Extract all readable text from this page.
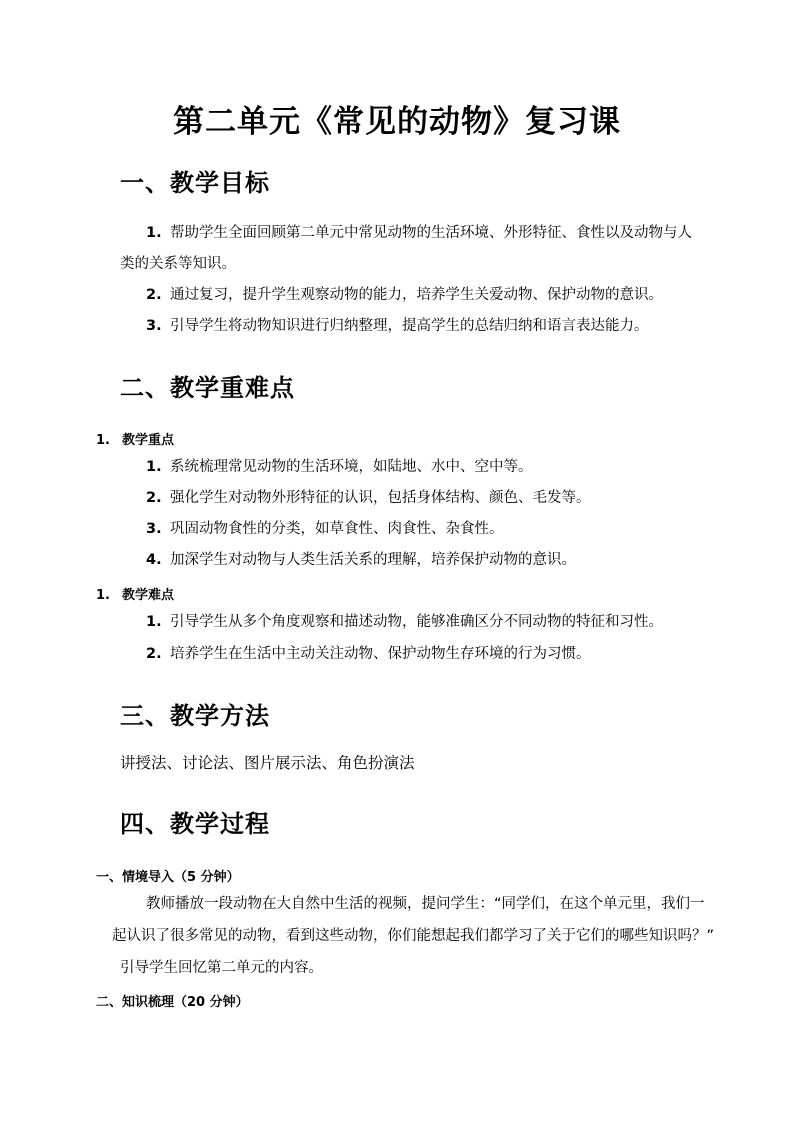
第二单元《常见的动物》复习课
一、教学目标
1. 帮助学生全面回顾第二单元中常见动物的生活环境、外形特征、食性以及动物与人
类的关系等知识。
2. 通过复习，提升学生观察动物的能力，培养学生关爱动物、保护动物的意识。
3. 引导学生将动物知识进行归纳整理，提高学生的总结归纳和语言表达能力。
二、教学重难点
1. 教学重点
1. 系统梳理常见动物的生活环境，如陆地、水中、空中等。
2. 强化学生对动物外形特征的认识，包括身体结构、颜色、毛发等。
3. 巩固动物食性的分类，如草食性、肉食性、杂食性。
4. 加深学生对动物与人类生活关系的理解，培养保护动物的意识。
1. 教学难点
1. 引导学生从多个角度观察和描述动物，能够准确区分不同动物的特征和习性。
2. 培养学生在生活中主动关注动物、保护动物生存环境的行为习惯。
三、教学方法
讲授法、讨论法、图片展示法、角色扮演法
四、教学过程
一、情境导入（5 分钟）
教师播放一段动物在大自然中生活的视频，提问学生：“同学们，在这个单元里，我们一
起认识了很多常见的动物，看到这些动物，你们能想起我们都学习了关于它们的哪些知识吗？”
引导学生回忆第二单元的内容。
二、知识梳理（20 分钟）
